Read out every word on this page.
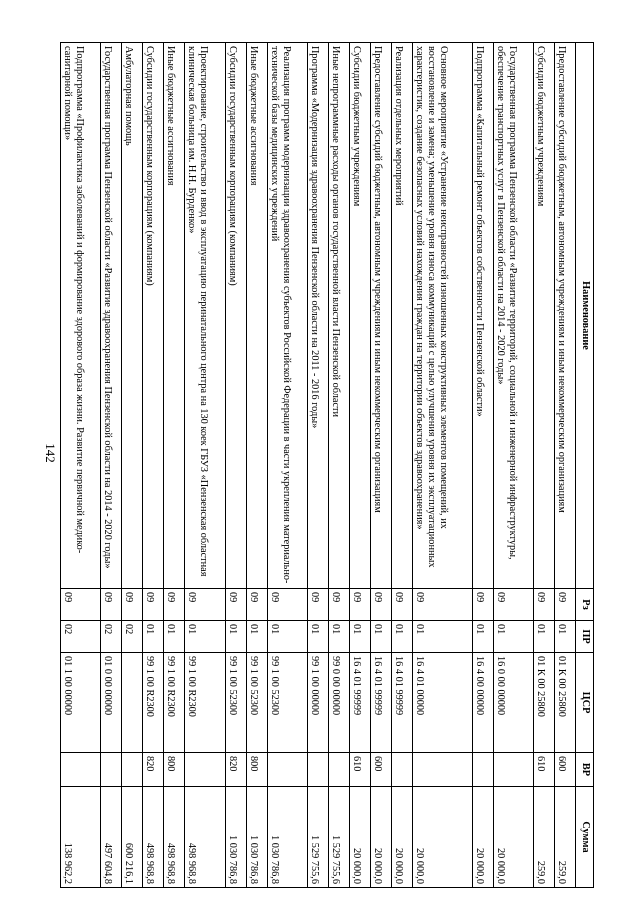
142
Наименование	Рз	ПР	ЦСР	ВР	Сумма
Предоставление субсидий бюджетным, автономным учреждениям и иным некоммерческим организациям	09	01	01 К 00 25800	600	259,0
Субсидии бюджетным учреждениям	09	01	01 К 00 25800	610	259,0
Государственная программа Пензенской области «Развитие территорий, социальной и инженерной инфраструктуры, обеспечение транспортных услуг в Пензенской области на 2014 - 2020 годы»	09	01	16 0 00 00000		20 000,0
Подпрограмма «Капитальный ремонт объектов собственности Пензенской области»	09	01	16 4 00 00000		20 000,0
Основное мероприятие «Устранение неисправностей изношенных конструктивных элементов помещений, их восстановление и замена; уменьшение уровня износа коммуникаций с целью улучшения уровня их эксплуатационных характеристик, создание безопасных условий нахождения граждан на территории объектов здравоохранения»	09	01	16 4 01 00000		20 000,0
Реализация отдельных мероприятий	09	01	16 4 01 99999		20 000,0
Предоставление субсидий бюджетным, автономным учреждениям и иным некоммерческим организациям	09	01	16 4 01 99999	600	20 000,0
Субсидии бюджетным учреждениям	09	01	16 4 01 99999	610	20 000,0
Иные непрограммные расходы органов государственной власти Пензенской области	09	01	99 0 00 00000		1 529 755,6
Программа «Модернизация здравоохранения Пензенской области на 2011 - 2016 годы»	09	01	99 1 00 00000		1 529 755,6
Реализация программ модернизации здравоохранения субъектов Российской Федерации в части укрепления материально-технической базы медицинских учреждений	09	01	99 1 00 52300		1 030 786,8
Иные бюджетные ассигнования	09	01	99 1 00 52300	800	1 030 786,8
Субсидии государственным корпорациям (компаниям)	09	01	99 1 00 52300	820	1 030 786,8
Проектирование, строительство и ввод в эксплуатацию перинатального центра на 130 коек ГБУЗ «Пензенская областная клиническая больница им. Н.Н. Бурденко»	09	01	99 1 00 R2300		498 968,8
Иные бюджетные ассигнования	09	01	99 1 00 R2300	800	498 968,8
Субсидии государственным корпорациям (компаниям)	09	01	99 1 00 R2300	820	498 968,8
Амбулаторная помощь	09	02			600 216,1
Государственная программа Пензенской области «Развитие здравоохранения Пензенской области на 2014 - 2020 годы»	09	02	01 0 00 00000		497 604,8
Подпрограмма «Профилактика заболеваний и формирование здорового образа жизни. Развитие первичной медико-санитарной помощи»	09	02	01 1 00 00000		138 962,2
